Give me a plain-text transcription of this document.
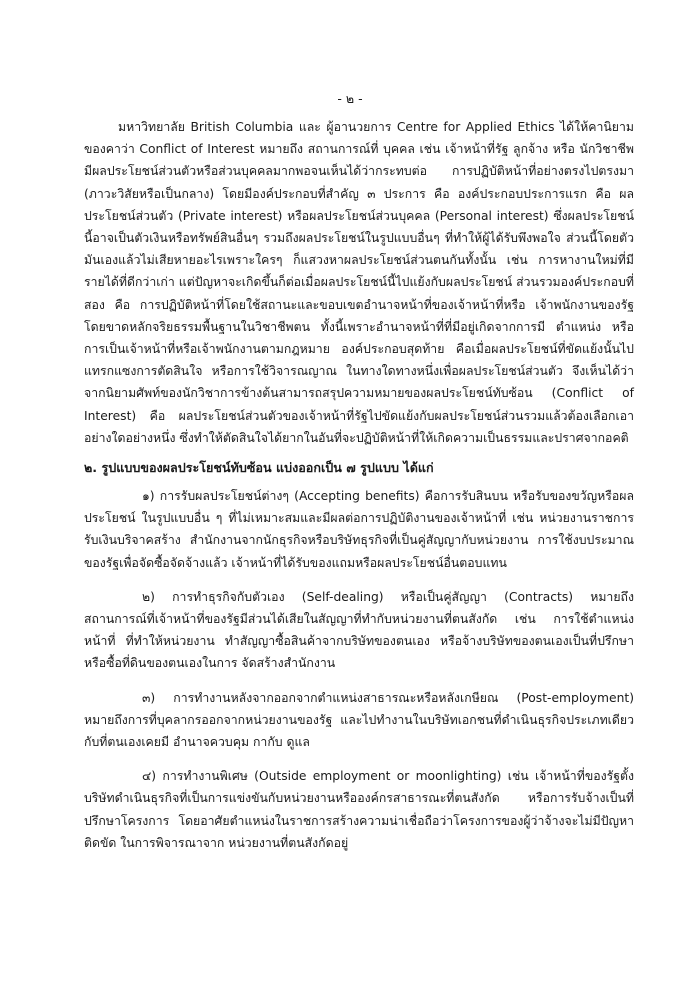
- ๒ -

มหาวิทยาลัย British Columbia และ ผู้อานวยการ Centre for Applied Ethics ได้ให้คานิยามของคาว่า Conflict of Interest หมายถึง สถานการณ์ที่ บุคคล เช่น เจ้าหน้าที่รัฐ ลูกจ้าง หรือ นักวิชาชีพ มีผลประโยชน์ส่วนตัวหรือส่วนบุคคลมากพอจนเห็นได้ว่ากระทบต่อ การปฏิบัติหน้าที่อย่างตรงไปตรงมา (ภาวะวิสัยหรือเป็นกลาง) โดยมีองค์ประกอบที่สำคัญ ๓ ประการ คือ องค์ประกอบประการแรก คือ ผลประโยชน์ส่วนตัว (Private interest) หรือผลประโยชน์ส่วนบุคคล (Personal interest) ซึ่งผลประโยชน์นี้อาจเป็นตัวเงินหรือทรัพย์สินอื่นๆ รวมถึงผลประโยชน์ในรูปแบบอื่นๆ ที่ทำให้ผู้ได้รับพึงพอใจ ส่วนนี้โดยตัวมันเองแล้วไม่เสียหายอะไรเพราะใครๆ ก็แสวงหาผลประโยชน์ส่วนตนกันทั้งนั้น เช่น การหางานใหม่ที่มีรายได้ที่ดีกว่าเก่า แต่ปัญหาจะเกิดขึ้นก็ต่อเมื่อผลประโยชน์นี้ไปแย้งกับผลประโยชน์ ส่วนรวมองค์ประกอบที่สอง คือ การปฏิบัติหน้าที่โดยใช้สถานะและขอบเขตอำนาจหน้าที่ของเจ้าหน้าที่หรือ เจ้าพนักงานของรัฐโดยขาดหลักจริยธรรมพื้นฐานในวิชาชีพตน ทั้งนี้เพราะอำนาจหน้าที่ที่มีอยู่เกิดจากการมี ตำแหน่ง หรือการเป็นเจ้าหน้าที่หรือเจ้าพนักงานตามกฎหมาย องค์ประกอบสุดท้าย คือเมื่อผลประโยชน์ที่ขัดแย้งนั้นไปแทรกแซงการตัดสินใจ หรือการใช้วิจารณญาณ ในทางใดทางหนึ่งเพื่อผลประโยชน์ส่วนตัว จึงเห็นได้ว่าจากนิยามศัพท์ของนักวิชาการข้างต้นสามารถสรุปความหมายของผลประโยชน์ทับซ้อน (Conflict of Interest) คือ ผลประโยชน์ส่วนตัวของเจ้าหน้าที่รัฐไปขัดแย้งกับผลประโยชน์ส่วนรวมแล้วต้องเลือกเอา อย่างใดอย่างหนึ่ง ซึ่งทำให้ตัดสินใจได้ยากในอันที่จะปฏิบัติหน้าที่ให้เกิดความเป็นธรรมและปราศจากอคติ

๒. รูปแบบของผลประโยชน์ทับซ้อน แบ่งออกเป็น ๗ รูปแบบ ได้แก่

๑) การรับผลประโยชน์ต่างๆ (Accepting benefits) คือการรับสินบน หรือรับของขวัญหรือผลประโยชน์ ในรูปแบบอื่น ๆ ที่ไม่เหมาะสมและมีผลต่อการปฏิบัติงานของเจ้าหน้าที่ เช่น หน่วยงานราชการรับเงินบริจาคสร้าง สำนักงานจากนักธุรกิจหรือบริษัทธุรกิจที่เป็นคู่สัญญากับหน่วยงาน การใช้งบประมาณของรัฐเพื่อจัดซื้อจัดจ้างแล้ว เจ้าหน้าที่ได้รับของแถมหรือผลประโยชน์อื่นตอบแทน

๒) การทำธุรกิจกับตัวเอง (Self-dealing) หรือเป็นคู่สัญญา (Contracts) หมายถึง สถานการณ์ที่เจ้าหน้าที่ของรัฐมีส่วนได้เสียในสัญญาที่ทำกับหน่วยงานที่ตนสังกัด เช่น การใช้ตำแหน่งหน้าที่ ที่ทำให้หน่วยงาน ทำสัญญาซื้อสินค้าจากบริษัทของตนเอง หรือจ้างบริษัทของตนเองเป็นที่ปรึกษา หรือซื้อที่ดินของตนเองในการ จัดสร้างสำนักงาน

๓) การทำงานหลังจากออกจากตำแหน่งสาธารณะหรือหลังเกษียณ (Post-employment) หมายถึงการที่บุคลากรออกจากหน่วยงานของรัฐ และไปทำงานในบริษัทเอกชนที่ดำเนินธุรกิจประเภทเดียวกับที่ตนเองเคยมี อำนาจควบคุม กากับ ดูแล

๔) การทำงานพิเศษ (Outside employment or moonlighting) เช่น เจ้าหน้าที่ของรัฐตั้งบริษัทดำเนินธุรกิจที่เป็นการแข่งขันกับหน่วยงานหรือองค์กรสาธารณะที่ตนสังกัด หรือการรับจ้างเป็นที่ปรึกษาโครงการ โดยอาศัยตำแหน่งในราชการสร้างความน่าเชื่อถือว่าโครงการของผู้ว่าจ้างจะไม่มีปัญหาติดขัด ในการพิจารณาจาก หน่วยงานที่ตนสังกัดอยู่
